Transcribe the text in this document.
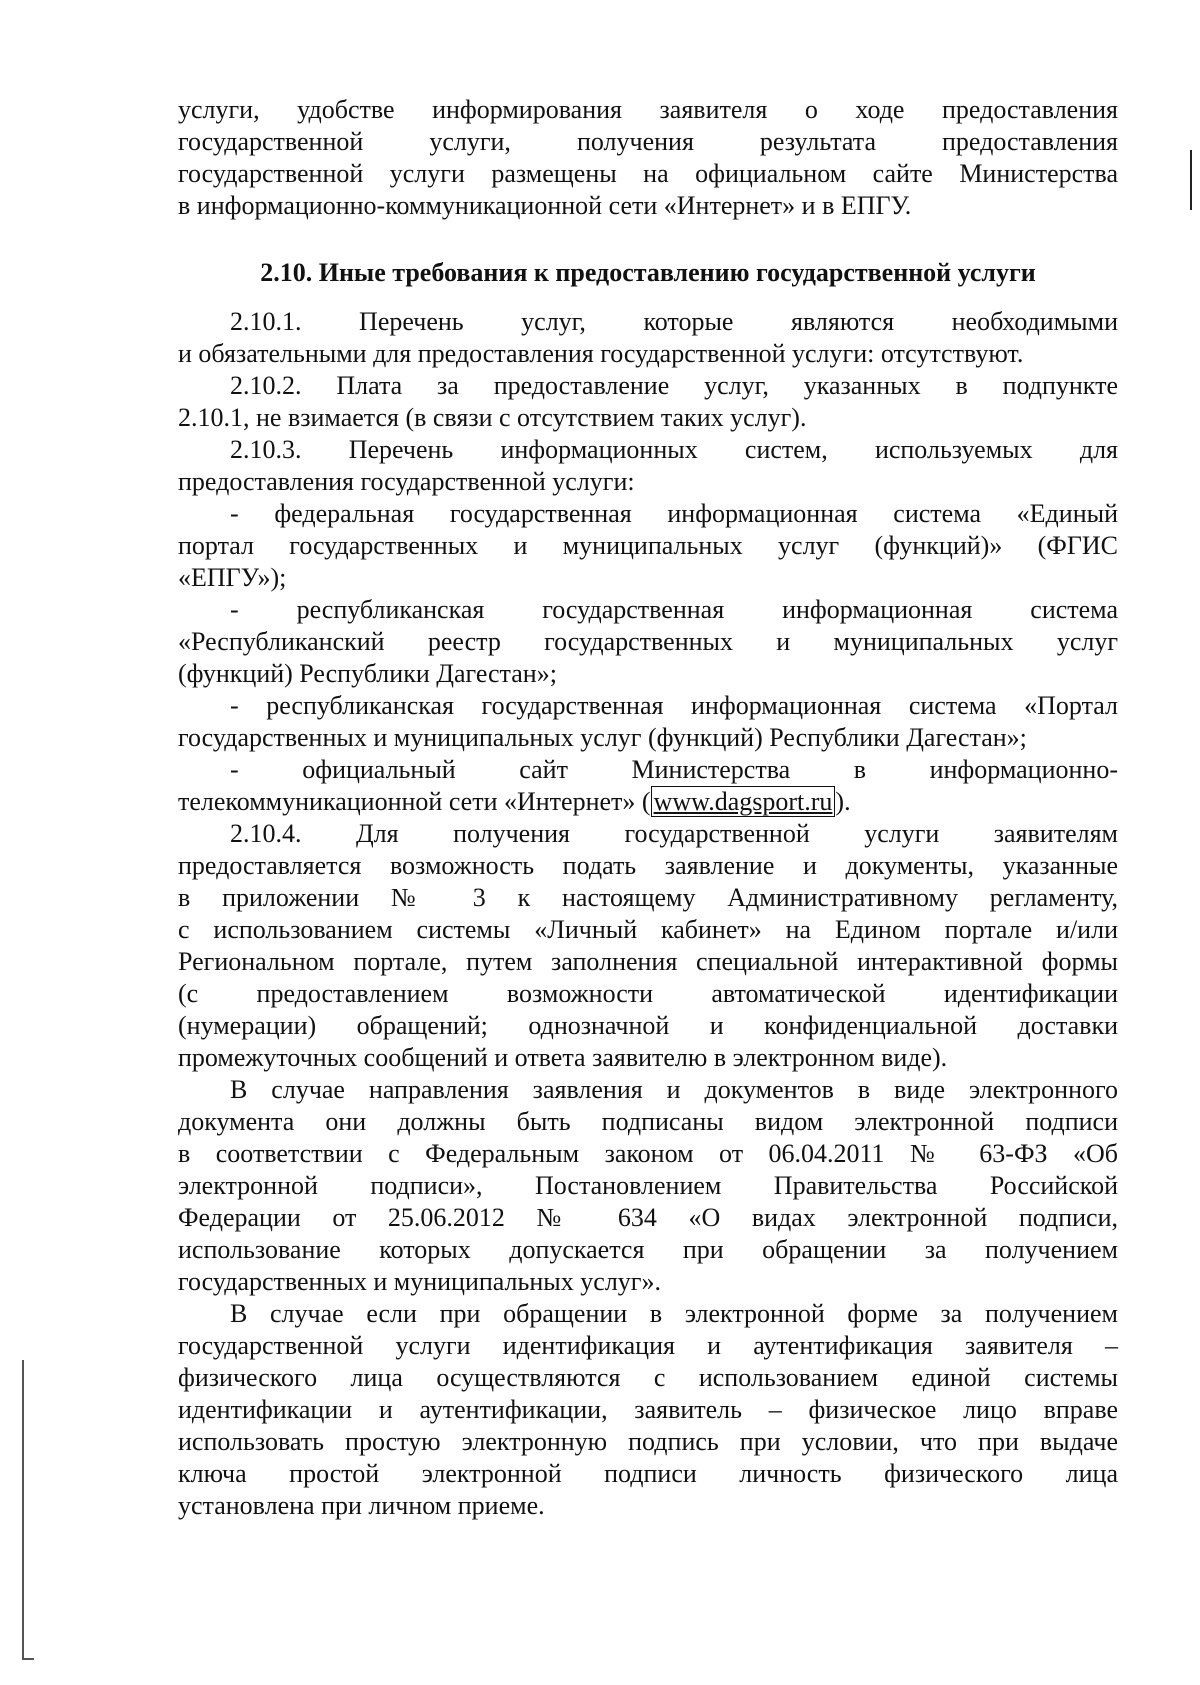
услуги, удобстве информирования заявителя о ходе предоставления
государственной услуги, получения результата предоставления
государственной услуги размещены на официальном сайте Министерства
в информационно-коммуникационной сети «Интернет» и в ЕПГУ.
2.10. Иные требования к предоставлению государственной услуги
2.10.1. Перечень услуг, которые являются необходимыми
и обязательными для предоставления государственной услуги: отсутствуют.
2.10.2. Плата за предоставление услуг, указанных в подпункте
2.10.1, не взимается (в связи с отсутствием таких услуг).
2.10.3. Перечень информационных систем, используемых для
предоставления государственной услуги:
- федеральная государственная информационная система «Единый
портал государственных и муниципальных услуг (функций)» (ФГИС
«ЕПГУ»);
- республиканская государственная информационная система
«Республиканский реестр государственных и муниципальных услуг
(функций) Республики Дагестан»;
- республиканская государственная информационная система «Портал
государственных и муниципальных услуг (функций) Республики Дагестан»;
- официальный сайт Министерства в информационно-
телекоммуникационной сети «Интернет» ( www.dagsport.ru ).
2.10.4. Для получения государственной услуги заявителям
предоставляется возможность подать заявление и документы, указанные
в приложении № 3 к настоящему Административному регламенту,
с использованием системы «Личный кабинет» на Едином портале и/или
Региональном портале, путем заполнения специальной интерактивной формы
(с предоставлением возможности автоматической идентификации
(нумерации) обращений; однозначной и конфиденциальной доставки
промежуточных сообщений и ответа заявителю в электронном виде).
В случае направления заявления и документов в виде электронного
документа они должны быть подписаны видом электронной подписи
в соответствии с Федеральным законом от 06.04.2011 № 63-ФЗ «Об
электронной подписи», Постановлением Правительства Российской
Федерации от 25.06.2012 № 634 «О видах электронной подписи,
использование которых допускается при обращении за получением
государственных и муниципальных услуг».
В случае если при обращении в электронной форме за получением
государственной услуги идентификация и аутентификация заявителя –
физического лица осуществляются с использованием единой системы
идентификации и аутентификации, заявитель – физическое лицо вправе
использовать простую электронную подпись при условии, что при выдаче
ключа простой электронной подписи личность физического лица
установлена при личном приеме.
